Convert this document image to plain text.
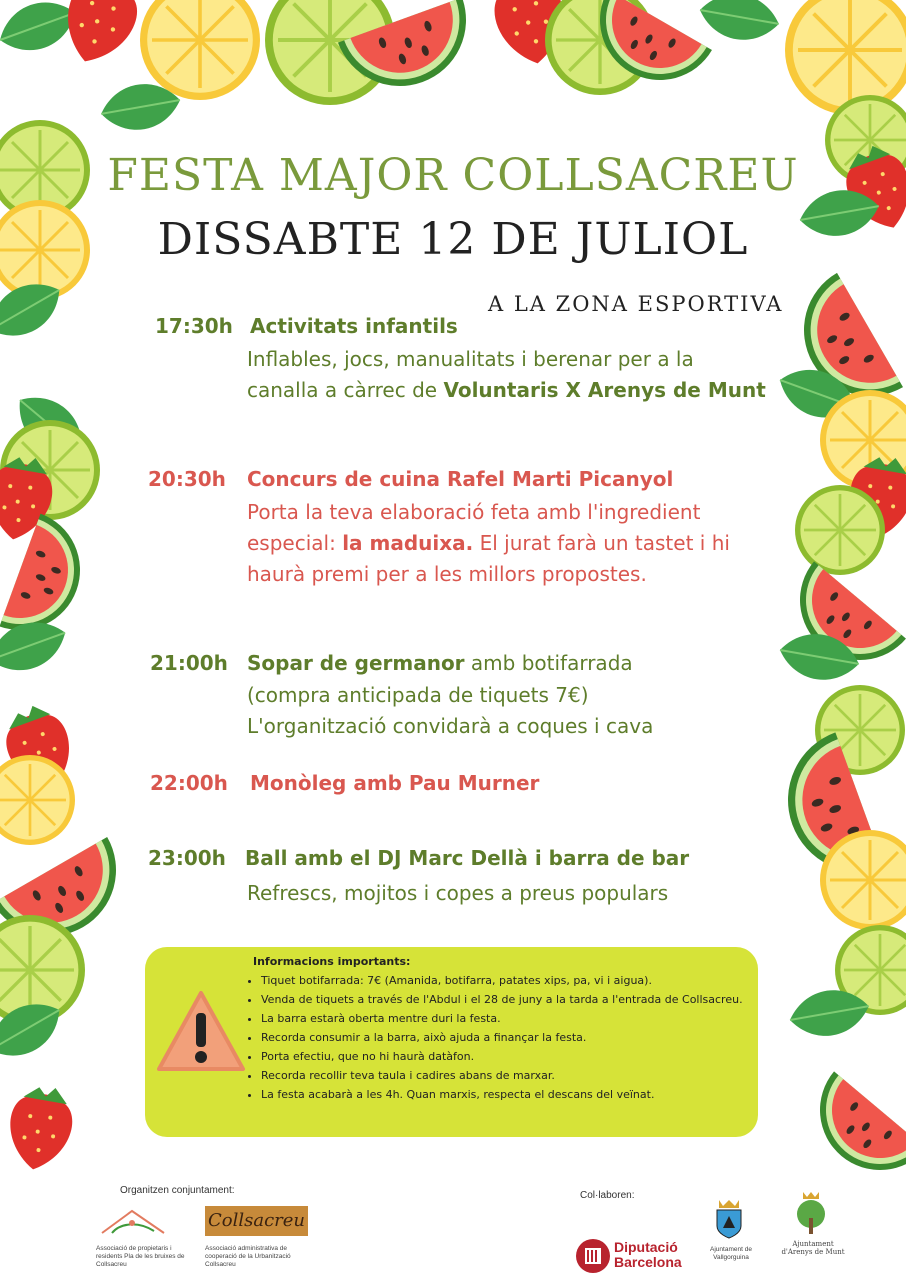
FESTA MAJOR COLLSACREU
DISSABTE 12 DE JULIOL
A LA ZONA ESPORTIVA
17:30h Activitats infantils
Inflables, jocs, manualitats i berenar per a la canalla a càrrec de Voluntaris X Arenys de Munt
20:30h Concurs de cuina Rafel Marti Picanyol
Porta la teva elaboració feta amb l'ingredient especial: la maduixa. El jurat farà un tastet i hi haurà premi per a les millors propostes.
21:00h Sopar de germanor amb botifarrada
(compra anticipada de tiquets 7€)
L'organització convidarà a coques i cava
22:00h Monòleg amb Pau Murner
23:00h Ball amb el DJ Marc Dellà i barra de bar
Refrescs, mojitos i copes a preus populars
Informacions importants:
• Tiquet botifarrada: 7€ (Amanida, botifarra, patates xips, pa, vi i aigua).
• Venda de tiquets a través de l'Abdul i el 28 de juny a la tarda a l'entrada de Collsacreu.
• La barra estarà oberta mentre duri la festa.
• Recorda consumir a la barra, això ajuda a finançar la festa.
• Porta efectiu, que no hi haurà datàfon.
• Recorda recollir teva taula i cadires abans de marxar.
• La festa acabarà a les 4h. Quan marxis, respecta el descans del veïnat.
Organitzen conjuntament:
Associació de propietaris i residents Pla de les bruixes de Collsacreu
Collsacreu
Associació administrativa de cooperació de la Urbanització Collsacreu
Col·laboren:
Diputació
Barcelona
Ajuntament de Vallgorguina
Ajuntament d'Arenys de Munt
